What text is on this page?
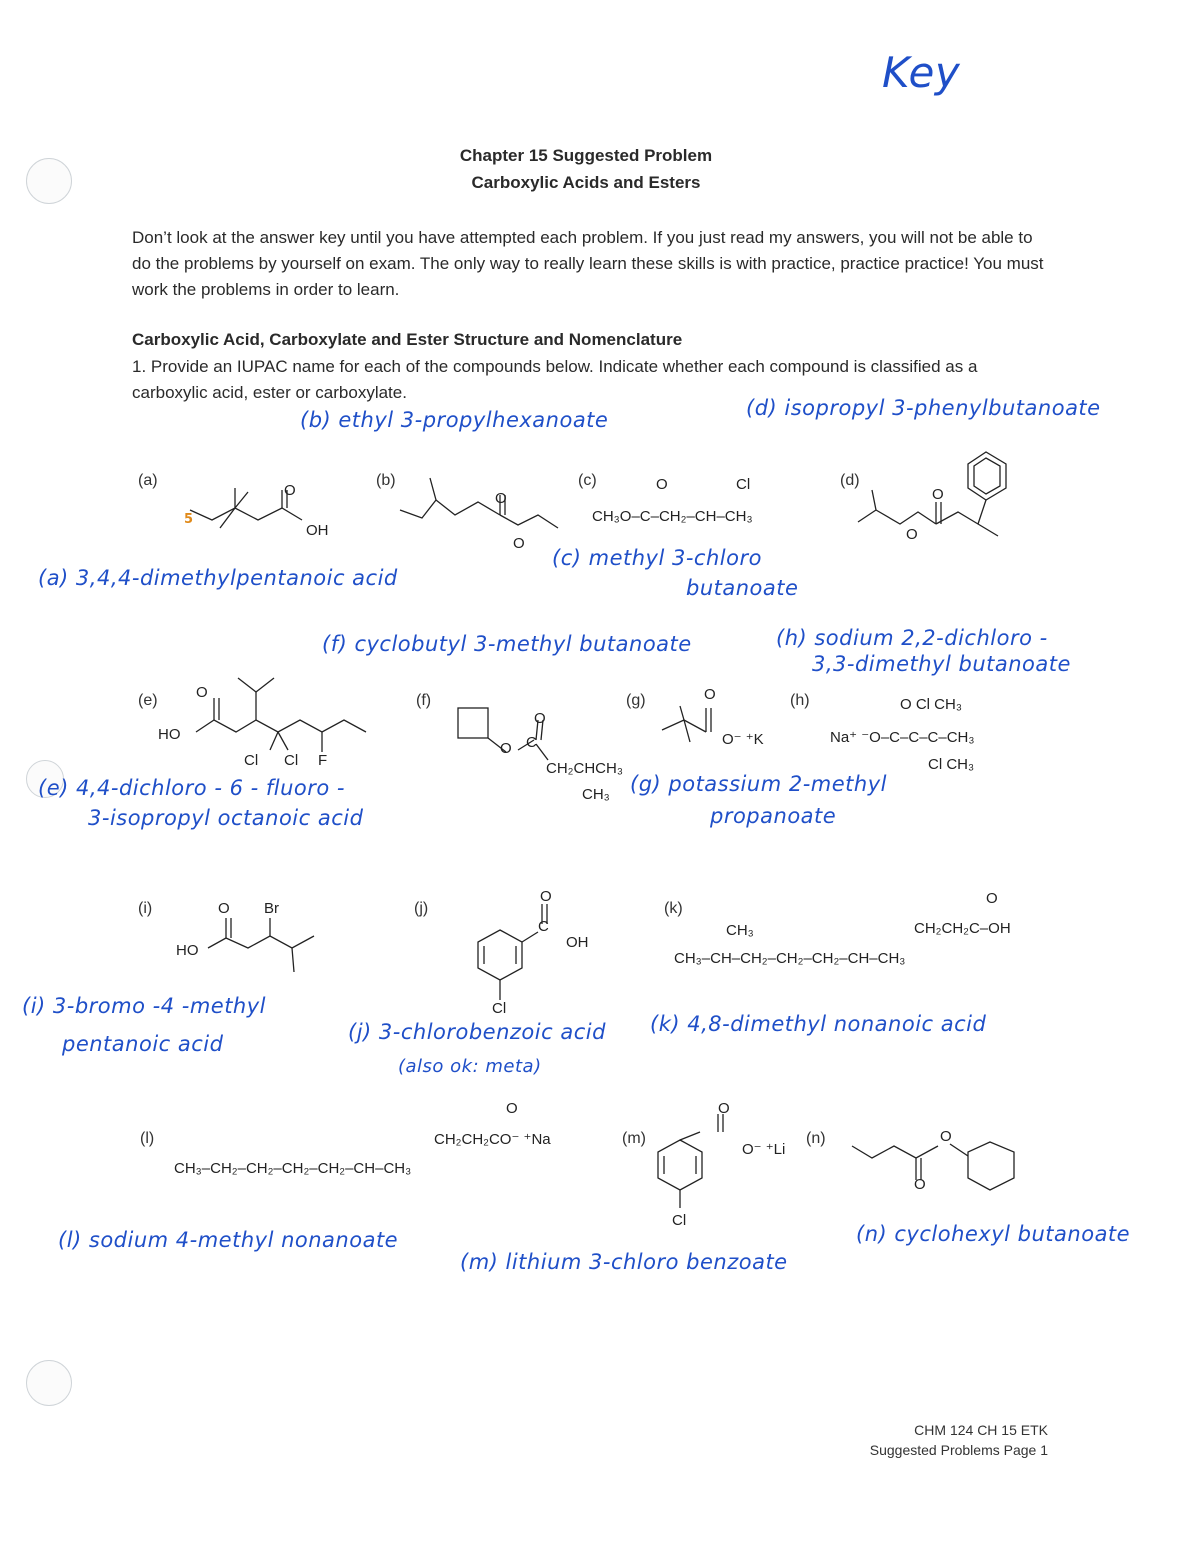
Key
Chapter 15 Suggested Problem
Carboxylic Acids and Esters
Don’t look at the answer key until you have attempted each problem. If you just read my answers, you will not be able to do the problems by yourself on exam. The only way to really learn these skills is with practice, practice practice! You must work the problems in order to learn.
Carboxylic Acid, Carboxylate and Ester Structure and Nomenclature
1. Provide an IUPAC name for each of the compounds below. Indicate whether each compound is classified as a carboxylic acid, ester or carboxylate.
(b) ethyl 3-propylhexanoate	(d) isopropyl 3-phenylbutanoate
(a)	(b)	(c)	(d)
O
OH
5
O
O
O	Cl
CH₃O–C–CH₂–CH–CH₃
O
O
(a) 3,4,4-dimethylpentanoic acid
(c) methyl 3-chloro
butanoate
(f) cyclobutyl 3-methyl butanoate	(h) sodium 2,2-dichloro -
3,3-dimethyl butanoate
(e)	(f)	(g)	(h)
O
HO
Cl Cl F
O
O C
CH₂CHCH₃
CH₃
O
O⁻ ⁺K
O Cl CH₃
Na⁺ ⁻O–C–C–C–CH₃
Cl CH₃
(e) 4,4-dichloro - 6 - fluoro -
3-isopropyl octanoic acid
(g) potassium 2-methyl
propanoate
(i)	(j)	(k)
O Br
HO
O
C
OH
Cl
O
CH₂CH₂C–OH
CH₃
CH₃–CH–CH₂–CH₂–CH₂–CH–CH₃
(i) 3-bromo -4 -methyl
pentanoic acid	(j) 3-chlorobenzoic acid
(also ok: meta)
(k) 4,8-dimethyl nonanoic acid
(l)	(m)	(n)
O
CH₂CH₂CO⁻ ⁺Na
CH₃–CH₂–CH₂–CH₂–CH₂–CH–CH₃
O
O⁻ ⁺Li
Cl
O
O
(l) sodium 4-methyl nonanoate
(m) lithium 3-chloro benzoate
(n) cyclohexyl butanoate
CHM 124 CH 15 ETK
Suggested Problems Page 1
